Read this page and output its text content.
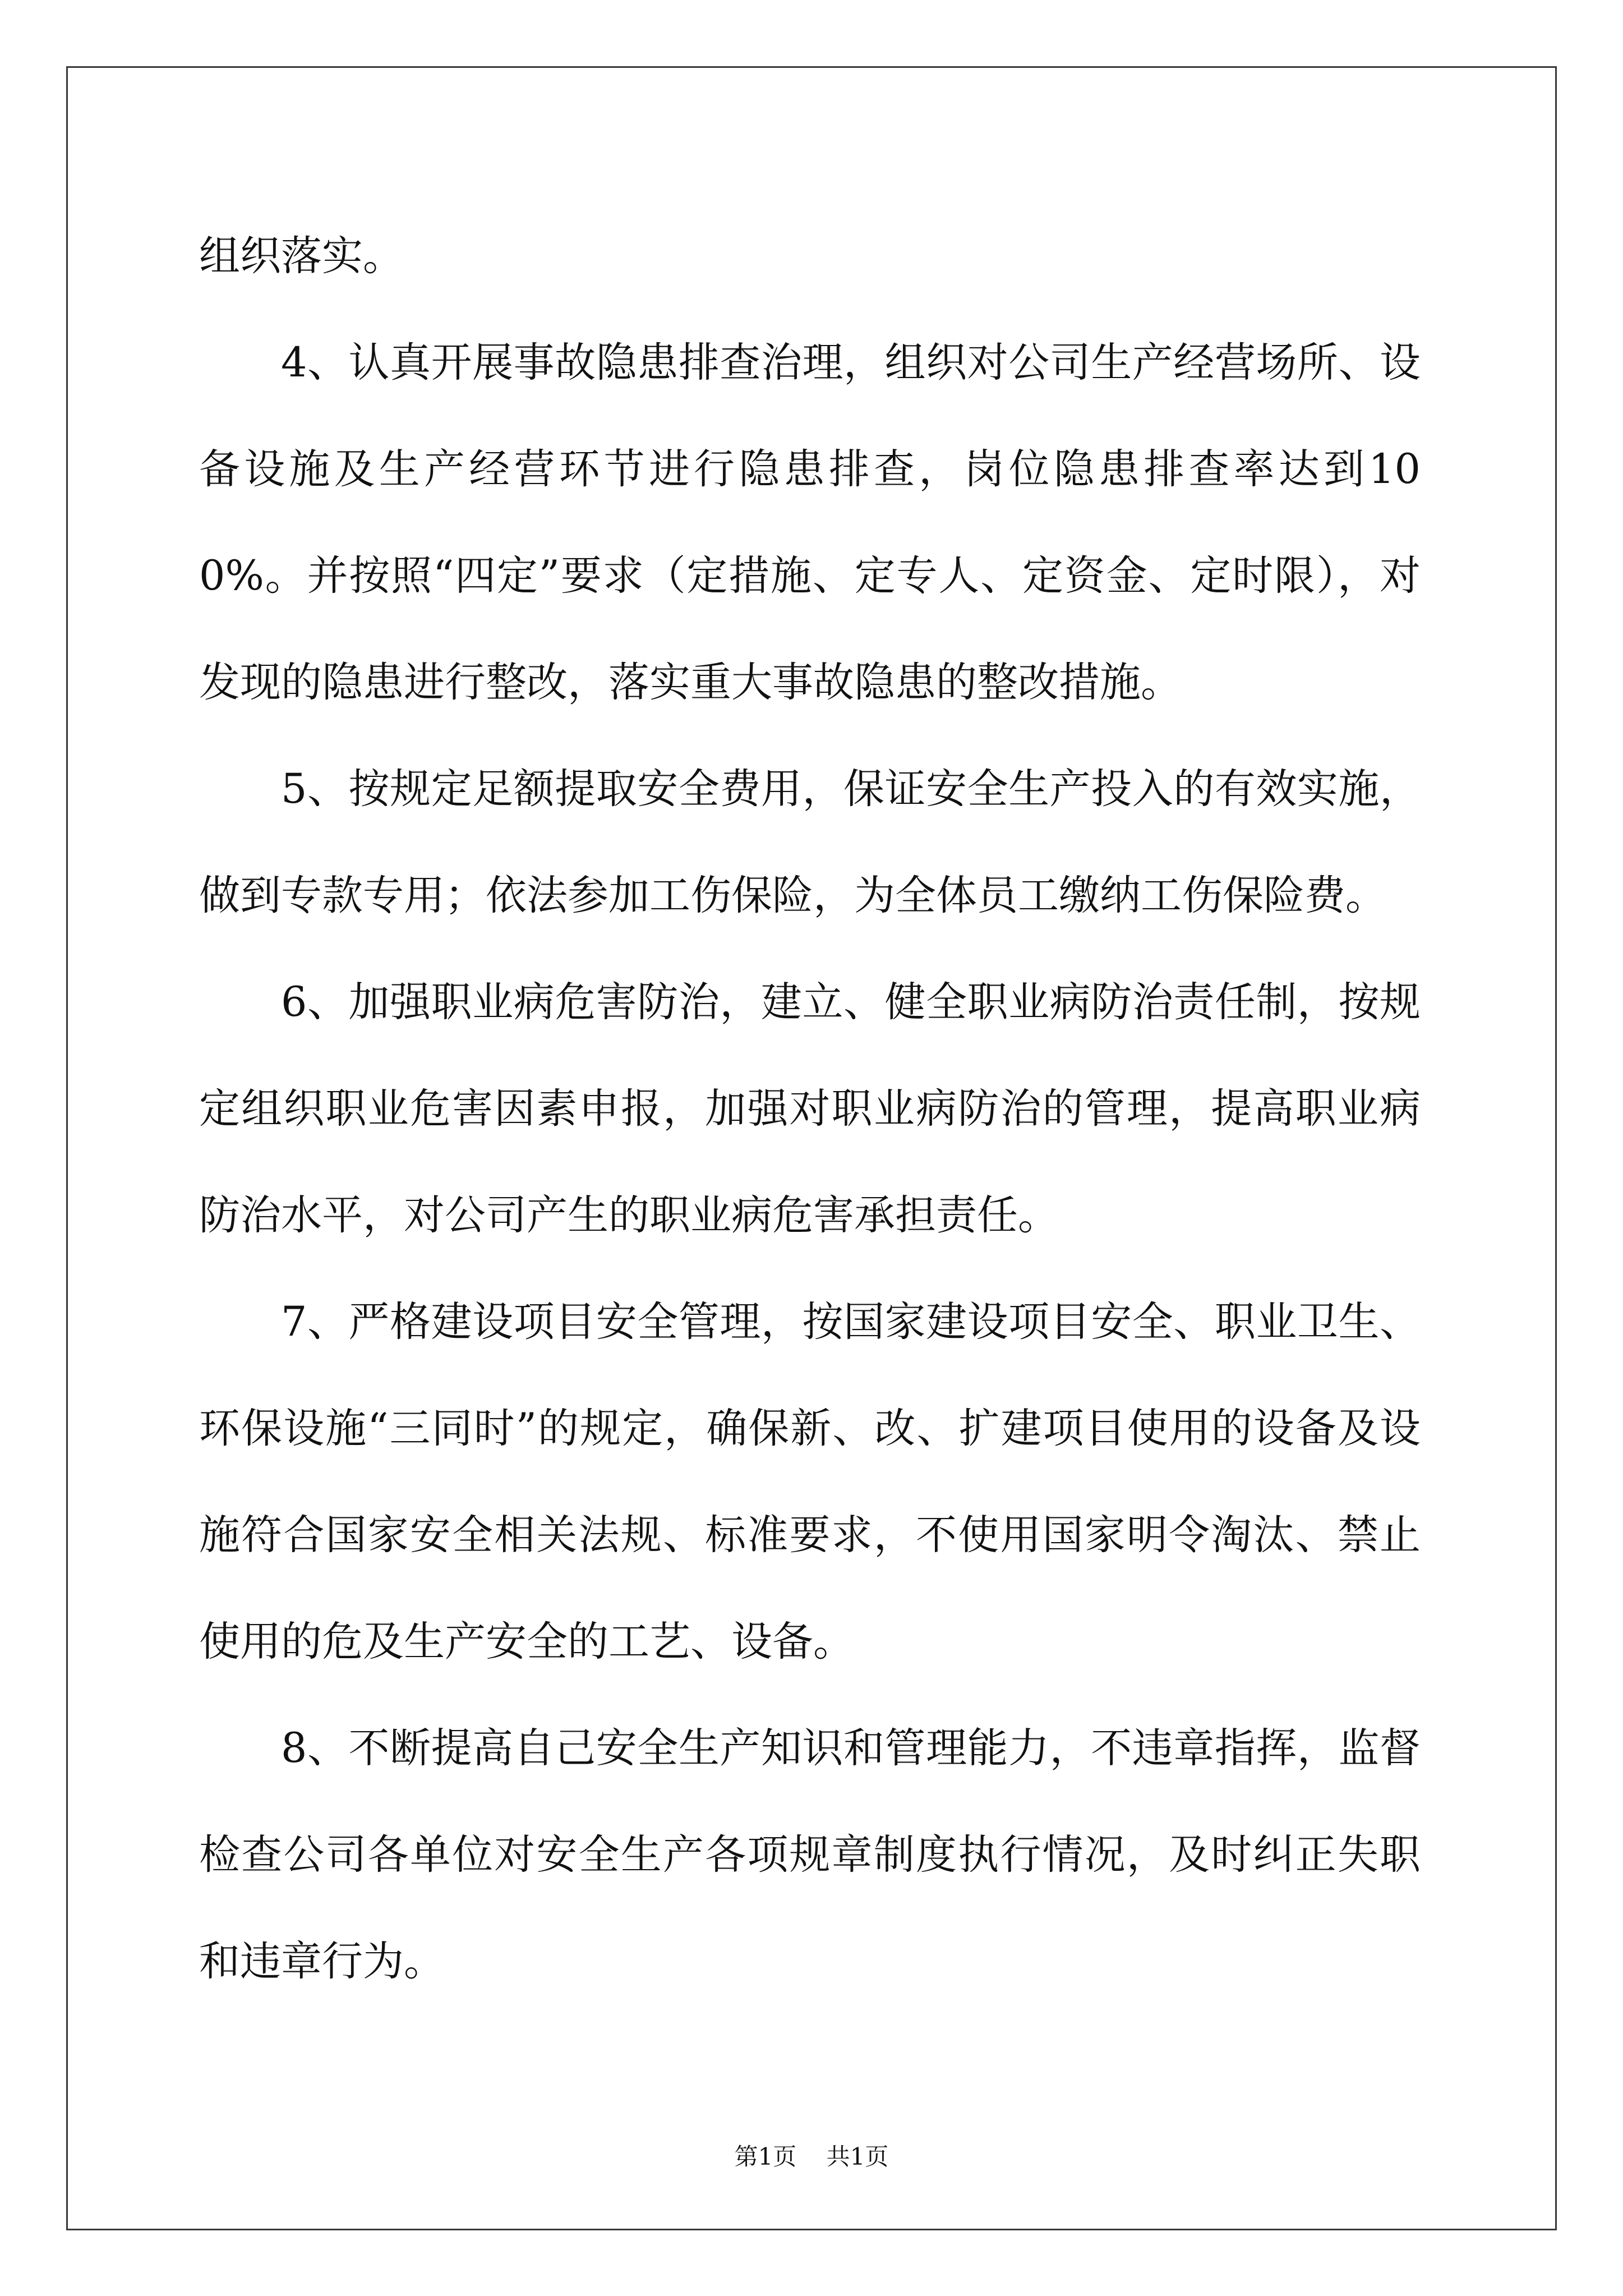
组织落实。

4、认真开展事故隐患排查治理，组织对公司生产经营场所、设备设施及生产经营环节进行隐患排查，岗位隐患排查率达到100%。并按照“四定”要求（定措施、定专人、定资金、定时限），对发现的隐患进行整改，落实重大事故隐患的整改措施。

5、按规定足额提取安全费用，保证安全生产投入的有效实施，做到专款专用；依法参加工伤保险，为全体员工缴纳工伤保险费。

6、加强职业病危害防治，建立、健全职业病防治责任制，按规定组织职业危害因素申报，加强对职业病防治的管理，提高职业病防治水平，对公司产生的职业病危害承担责任。

7、严格建设项目安全管理，按国家建设项目安全、职业卫生、环保设施“三同时”的规定，确保新、改、扩建项目使用的设备及设施符合国家安全相关法规、标准要求，不使用国家明令淘汰、禁止使用的危及生产安全的工艺、设备。

8、不断提高自己安全生产知识和管理能力，不违章指挥，监督检查公司各单位对安全生产各项规章制度执行情况，及时纠正失职和违章行为。

第1页 共1页
